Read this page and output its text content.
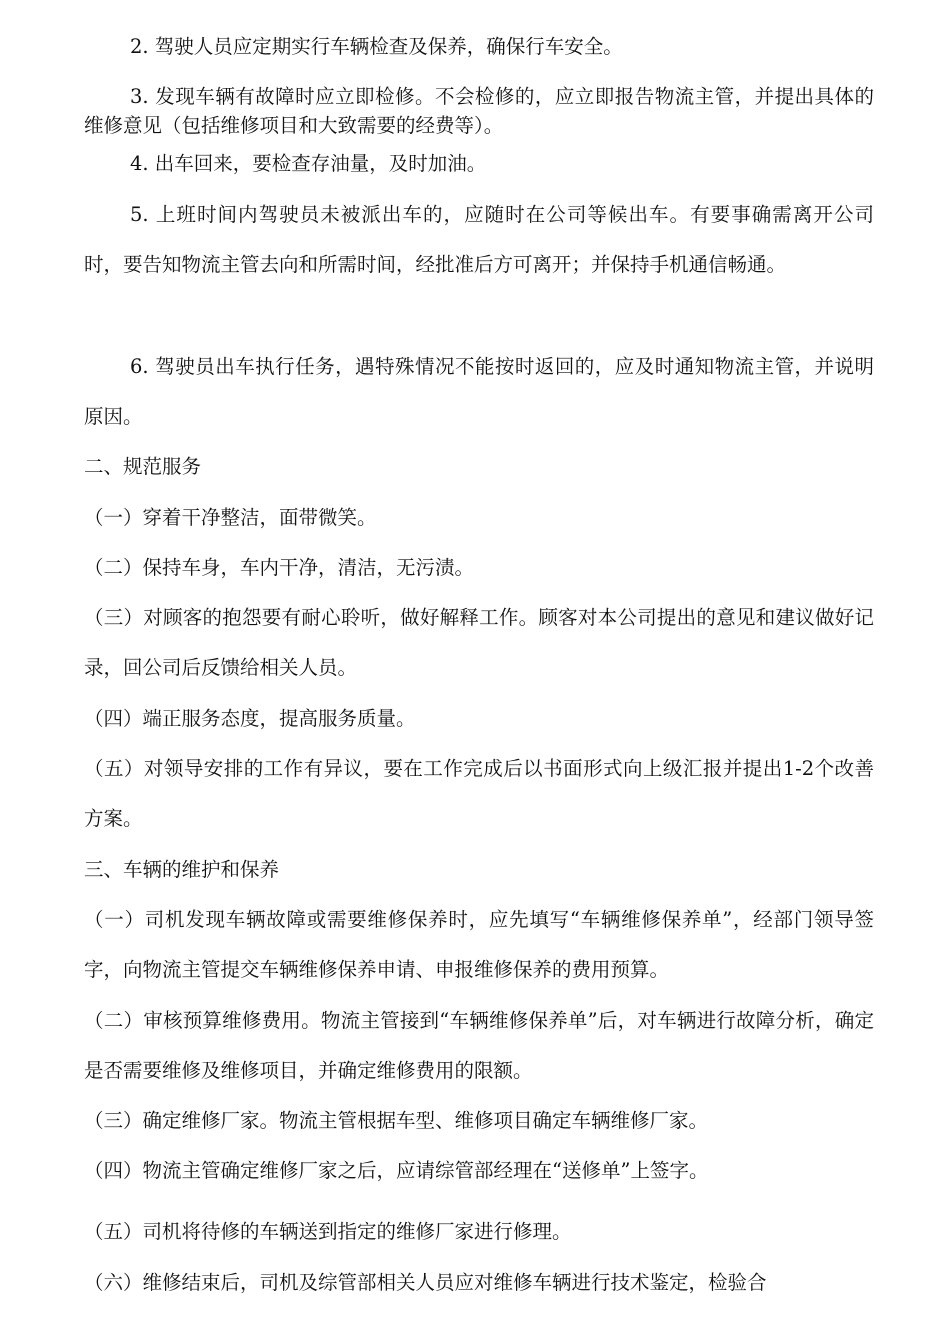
2. 驾驶人员应定期实行车辆检查及保养，确保行车安全。

3. 发现车辆有故障时应立即检修。不会检修的，应立即报告物流主管，并提出具体的维修意见（包括维修项目和大致需要的经费等）。

4. 出车回来，要检查存油量，及时加油。

5. 上班时间内驾驶员未被派出车的，应随时在公司等候出车。有要事确需离开公司时，要告知物流主管去向和所需时间，经批准后方可离开；并保持手机通信畅通。

6. 驾驶员出车执行任务，遇特殊情况不能按时返回的，应及时通知物流主管，并说明原因。

二、规范服务

（一）穿着干净整洁，面带微笑。

（二）保持车身，车内干净，清洁，无污渍。

（三）对顾客的抱怨要有耐心聆听，做好解释工作。顾客对本公司提出的意见和建议做好记录，回公司后反馈给相关人员。

（四）端正服务态度，提高服务质量。

（五）对领导安排的工作有异议，要在工作完成后以书面形式向上级汇报并提出1-2个改善方案。

三、车辆的维护和保养

（一）司机发现车辆故障或需要维修保养时，应先填写“车辆维修保养单”，经部门领导签字，向物流主管提交车辆维修保养申请、申报维修保养的费用预算。

（二）审核预算维修费用。物流主管接到“车辆维修保养单”后，对车辆进行故障分析，确定是否需要维修及维修项目，并确定维修费用的限额。

（三）确定维修厂家。物流主管根据车型、维修项目确定车辆维修厂家。

（四）物流主管确定维修厂家之后，应请综管部经理在“送修单”上签字。

（五）司机将待修的车辆送到指定的维修厂家进行修理。

（六）维修结束后，司机及综管部相关人员应对维修车辆进行技术鉴定，检验合
